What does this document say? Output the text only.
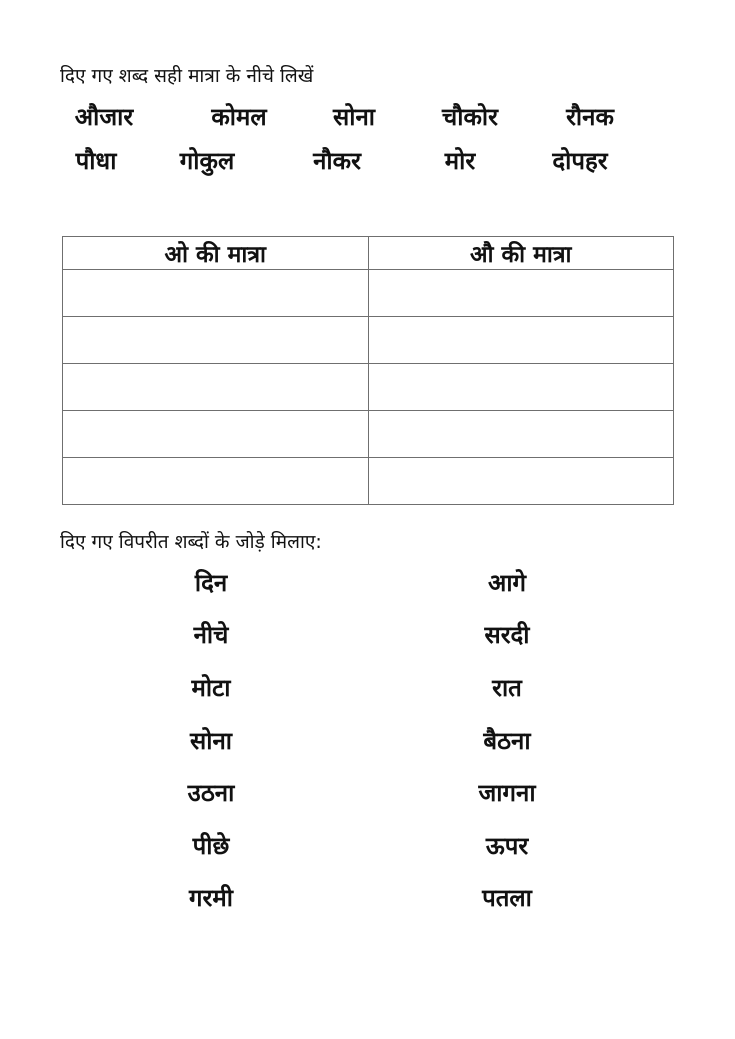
दिए गए शब्द सही मात्रा के नीचे लिखें
औजार	कोमल	सोना	चौकोर	रौनक
पौधा	गोकुल	नौकर	मोर	दोपहर
ओ की मात्रा	औ की मात्रा

दिए गए विपरीत शब्दों के जोड़े मिलाए:
दिन	आगे
नीचे	सरदी
मोटा	रात
सोना	बैठना
उठना	जागना
पीछे	ऊपर
गरमी	पतला
